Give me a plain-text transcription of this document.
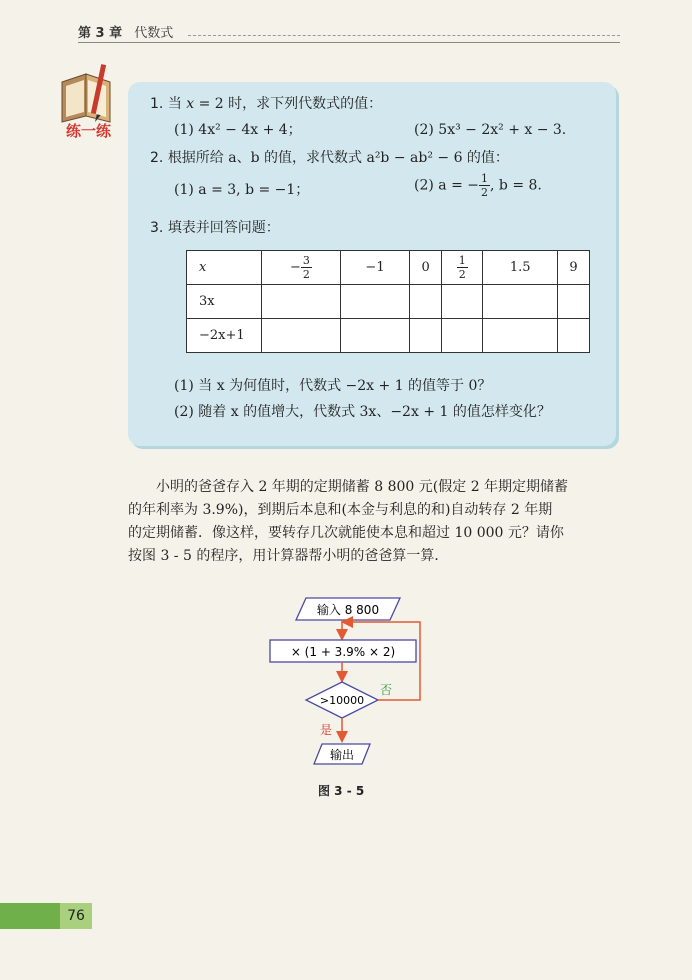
第 3 章 代数式
练一练
1. 当 x = 2 时，求下列代数式的值：
(1) 4x² − 4x + 4；	(2) 5x³ − 2x² + x − 3.
2. 根据所给 a、b 的值，求代数式 a²b − ab² − 6 的值：
(1) a = 3, b = −1；	(2) a = − $\frac{1}{2}$ , b = 8.
3. 填表并回答问题：
x	− $\frac{3}{2}$	−1	0	$\frac{1}{2}$	1.5	9
3x						
−2x+1						
(1) 当 x 为何值时，代数式 −2x + 1 的值等于 0？
(2) 随着 x 的值增大，代数式 3x、−2x + 1 的值怎样变化？
小明的爸爸存入 2 年期的定期储蓄 8 800 元(假定 2 年期定期储蓄
的年利率为 3.9%)，到期后本息和(本金与利息的和)自动转存 2 年期
的定期储蓄．像这样，要转存几次就能使本息和超过 10 000 元？请你
按图 3 - 5 的程序，用计算器帮小明的爸爸算一算．
输入 8 800
× (1 + 3.9% × 2)
>10000
否
是
输出
图 3 - 5
76
